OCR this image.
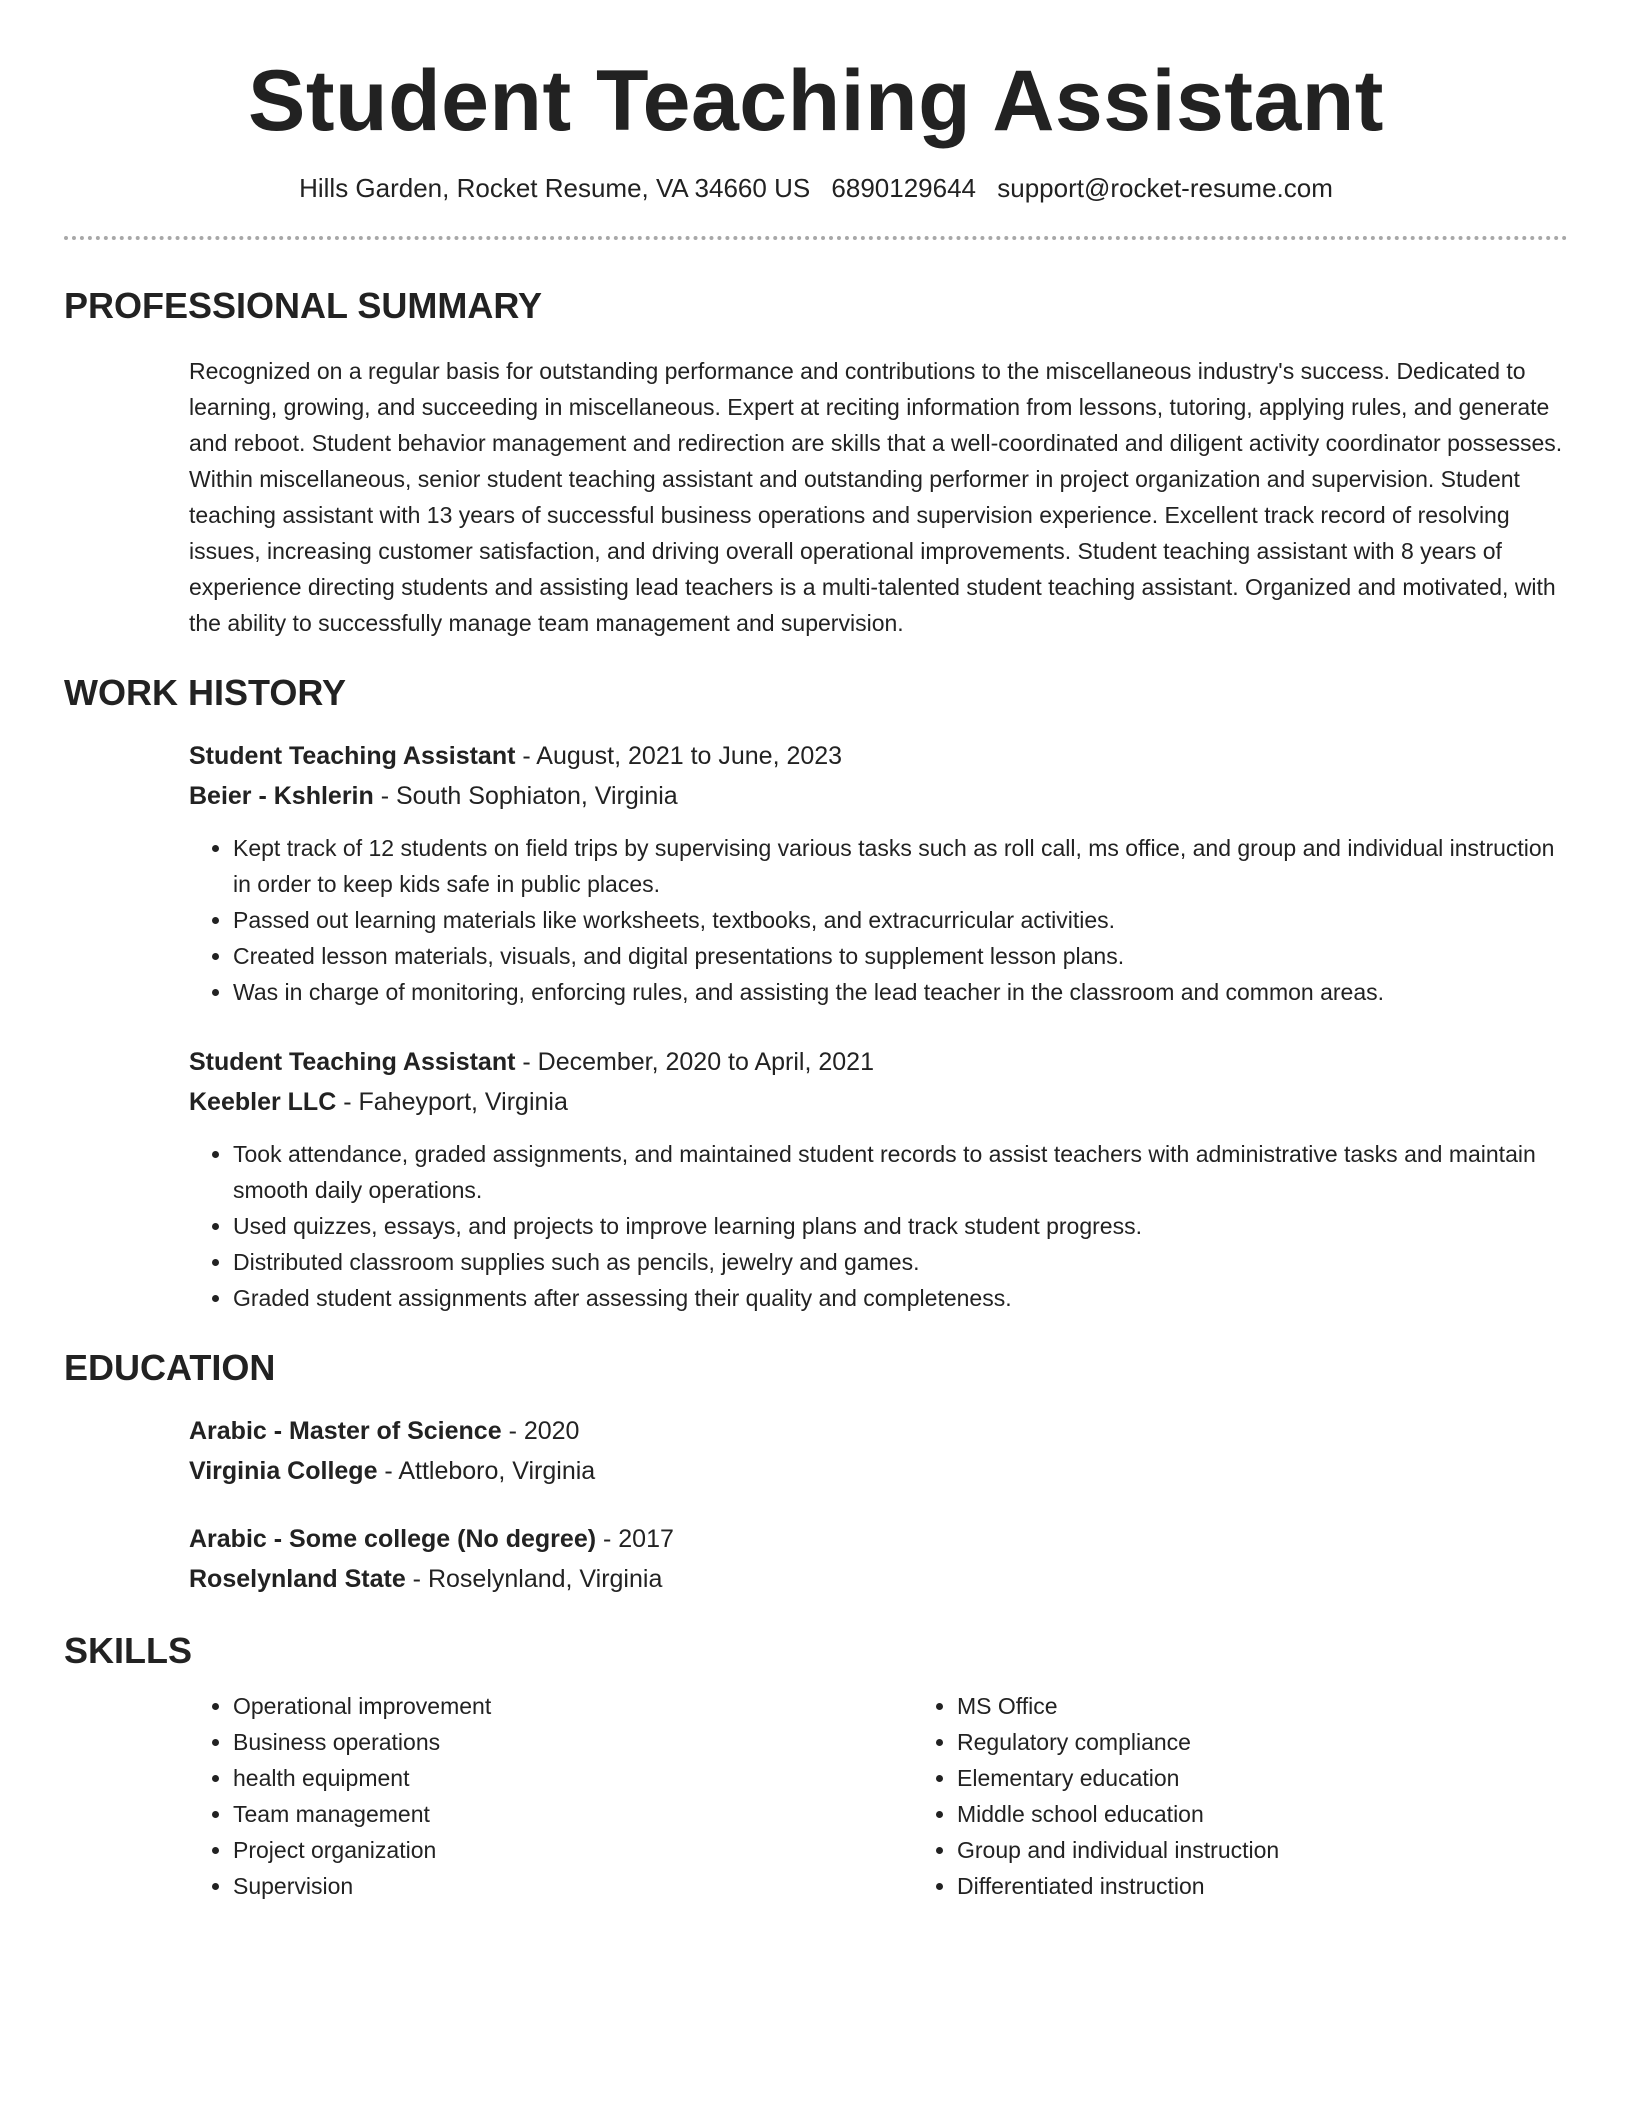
Student Teaching Assistant
Hills Garden, Rocket Resume, VA 34660 US 6890129644 support@rocket-resume.com
PROFESSIONAL SUMMARY
Recognized on a regular basis for outstanding performance and contributions to the miscellaneous industry's success. Dedicated to learning, growing, and succeeding in miscellaneous. Expert at reciting information from lessons, tutoring, applying rules, and generate and reboot. Student behavior management and redirection are skills that a well-coordinated and diligent activity coordinator possesses. Within miscellaneous, senior student teaching assistant and outstanding performer in project organization and supervision. Student teaching assistant with 13 years of successful business operations and supervision experience. Excellent track record of resolving issues, increasing customer satisfaction, and driving overall operational improvements. Student teaching assistant with 8 years of experience directing students and assisting lead teachers is a multi-talented student teaching assistant. Organized and motivated, with the ability to successfully manage team management and supervision.
WORK HISTORY
Student Teaching Assistant - August, 2021 to June, 2023
Beier - Kshlerin - South Sophiaton, Virginia
• Kept track of 12 students on field trips by supervising various tasks such as roll call, ms office, and group and individual instruction in order to keep kids safe in public places.
• Passed out learning materials like worksheets, textbooks, and extracurricular activities.
• Created lesson materials, visuals, and digital presentations to supplement lesson plans.
• Was in charge of monitoring, enforcing rules, and assisting the lead teacher in the classroom and common areas.
Student Teaching Assistant - December, 2020 to April, 2021
Keebler LLC - Faheyport, Virginia
• Took attendance, graded assignments, and maintained student records to assist teachers with administrative tasks and maintain smooth daily operations.
• Used quizzes, essays, and projects to improve learning plans and track student progress.
• Distributed classroom supplies such as pencils, jewelry and games.
• Graded student assignments after assessing their quality and completeness.
EDUCATION
Arabic - Master of Science - 2020
Virginia College - Attleboro, Virginia
Arabic - Some college (No degree) - 2017
Roselynland State - Roselynland, Virginia
SKILLS
• Operational improvement
• Business operations
• health equipment
• Team management
• Project organization
• Supervision
• MS Office
• Regulatory compliance
• Elementary education
• Middle school education
• Group and individual instruction
• Differentiated instruction
